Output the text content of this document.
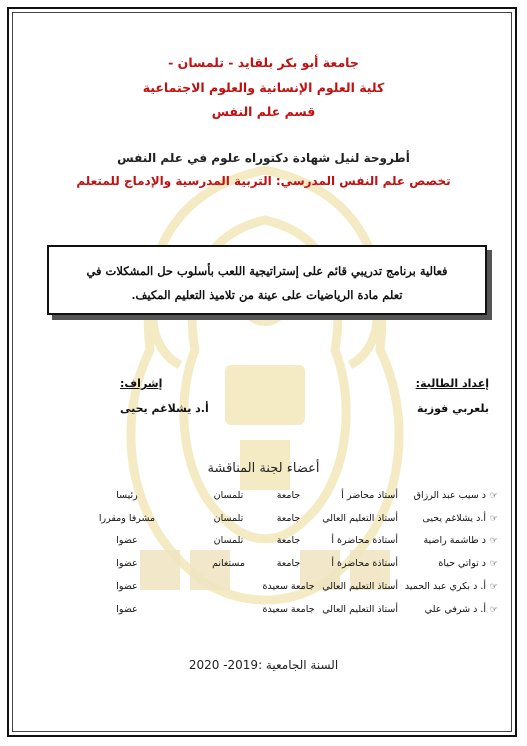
جامعة أبو بكر بلقايد - تلمسان -
كلية العلوم الإنسانية والعلوم الاجتماعية
قسم علم النفس
أطروحة لنيل شهادة دكتوراه علوم في علم النفس
تخصص علم النفس المدرسي: التربية المدرسية والإدماج للمتعلم
فعالية برنامج تدريبي قائم على إستراتيجية اللعب بأسلوب حل المشكلات في
تعلم مادة الرياضيات على عينة من تلاميذ التعليم المكيف.
إعداد الطالبة:
بلعربي فوزية
إشراف:
أ.د يشلاغم يحيى
أعضاء لجنة المناقشة
☞د سيب عبد الرزاق	أستاذ محاضر أ	جامعة	تلمسان	رئيسا
☞أ.د يشلاغم يحيى	أستاذ التعليم العالي	جامعة	تلمسان	مشرفا ومقررا
☞د طاشمة راضية	أستاذة محاضرة أ	جامعة	تلمسان	عضوا
☞د تواتي حياة	أستاذة محاضرة أ	جامعة	مستغانم	عضوا
☞أ. د بكري عبد الحميد	أستاذ التعليم العالي	جامعة سعيدة		عضوا
☞أ. د شرفي علي	أستاذ التعليم العالي	جامعة سعيدة		عضوا
السنة الجامعية :2019- 2020
